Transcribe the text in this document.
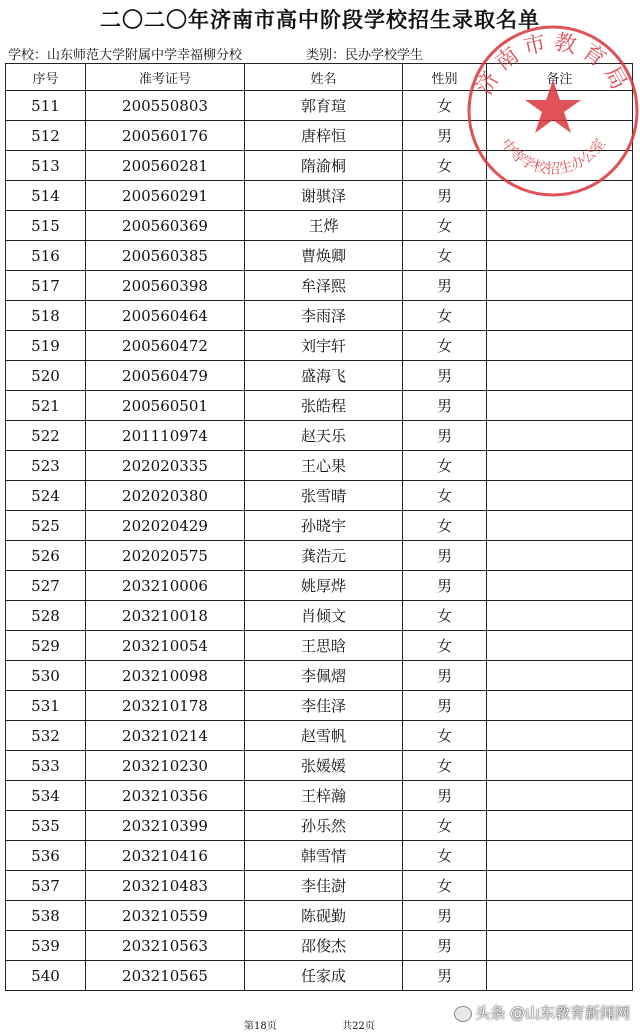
二〇二〇年济南市高中阶段学校招生录取名单
学校：山东师范大学附属中学幸福柳分校	类别：民办学校学生
序号	准考证号	姓名	性别	备注
511	200550803	郭育瑄	女	
512	200560176	唐梓恒	男	
513	200560281	隋渝桐	女	
514	200560291	谢骐泽	男	
515	200560369	王烨	女	
516	200560385	曹焕卿	女	
517	200560398	牟泽熙	男	
518	200560464	李雨泽	女	
519	200560472	刘宇轩	女	
520	200560479	盛海飞	男	
521	200560501	张皓程	男	
522	201110974	赵天乐	男	
523	202020335	王心果	女	
524	202020380	张雪晴	女	
525	202020429	孙晓宇	女	
526	202020575	龚浩元	男	
527	203210006	姚厚烨	男	
528	203210018	肖倾文	女	
529	203210054	王思晗	女	
530	203210098	李佩熠	男	
531	203210178	李佳泽	男	
532	203210214	赵雪帆	女	
533	203210230	张媛媛	女	
534	203210356	王梓瀚	男	
535	203210399	孙乐然	女	
536	203210416	韩雪情	女	
537	203210483	李佳澍	女	
538	203210559	陈砚勤	男	
539	203210563	邵俊杰	男	
540	203210565	任家成	男	
济南市教育局
中等学校招生办公室
第18页	共22页
头条 @山东教育新闻网
